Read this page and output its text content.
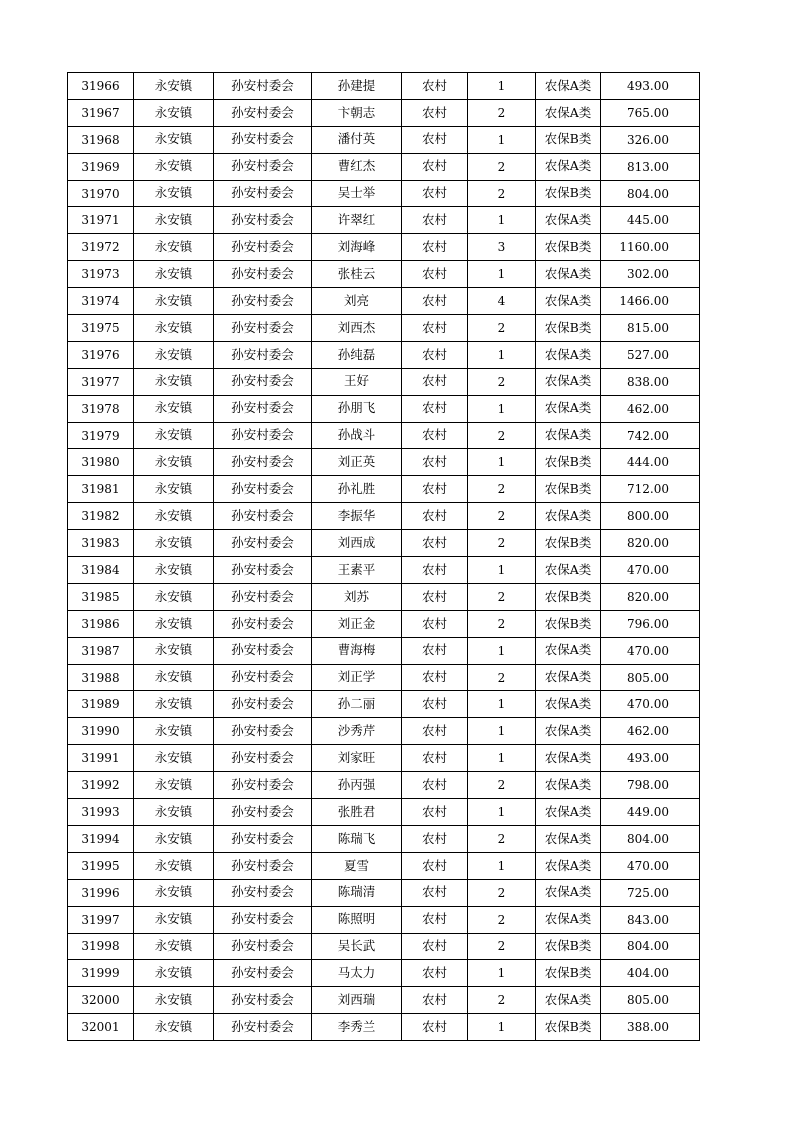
31966	永安镇	孙安村委会	孙建提	农村	1	农保A类	493.00
31967	永安镇	孙安村委会	卞朝志	农村	2	农保A类	765.00
31968	永安镇	孙安村委会	潘付英	农村	1	农保B类	326.00
31969	永安镇	孙安村委会	曹红杰	农村	2	农保A类	813.00
31970	永安镇	孙安村委会	吴士举	农村	2	农保B类	804.00
31971	永安镇	孙安村委会	许翠红	农村	1	农保A类	445.00
31972	永安镇	孙安村委会	刘海峰	农村	3	农保B类	1160.00
31973	永安镇	孙安村委会	张桂云	农村	1	农保A类	302.00
31974	永安镇	孙安村委会	刘亮	农村	4	农保A类	1466.00
31975	永安镇	孙安村委会	刘西杰	农村	2	农保B类	815.00
31976	永安镇	孙安村委会	孙纯磊	农村	1	农保A类	527.00
31977	永安镇	孙安村委会	王好	农村	2	农保A类	838.00
31978	永安镇	孙安村委会	孙朋飞	农村	1	农保A类	462.00
31979	永安镇	孙安村委会	孙战斗	农村	2	农保A类	742.00
31980	永安镇	孙安村委会	刘正英	农村	1	农保B类	444.00
31981	永安镇	孙安村委会	孙礼胜	农村	2	农保B类	712.00
31982	永安镇	孙安村委会	李振华	农村	2	农保A类	800.00
31983	永安镇	孙安村委会	刘西成	农村	2	农保B类	820.00
31984	永安镇	孙安村委会	王素平	农村	1	农保A类	470.00
31985	永安镇	孙安村委会	刘苏	农村	2	农保B类	820.00
31986	永安镇	孙安村委会	刘正金	农村	2	农保B类	796.00
31987	永安镇	孙安村委会	曹海梅	农村	1	农保A类	470.00
31988	永安镇	孙安村委会	刘正学	农村	2	农保A类	805.00
31989	永安镇	孙安村委会	孙二丽	农村	1	农保A类	470.00
31990	永安镇	孙安村委会	沙秀芹	农村	1	农保A类	462.00
31991	永安镇	孙安村委会	刘家旺	农村	1	农保A类	493.00
31992	永安镇	孙安村委会	孙丙强	农村	2	农保A类	798.00
31993	永安镇	孙安村委会	张胜君	农村	1	农保A类	449.00
31994	永安镇	孙安村委会	陈瑞飞	农村	2	农保A类	804.00
31995	永安镇	孙安村委会	夏雪	农村	1	农保A类	470.00
31996	永安镇	孙安村委会	陈瑞清	农村	2	农保A类	725.00
31997	永安镇	孙安村委会	陈照明	农村	2	农保A类	843.00
31998	永安镇	孙安村委会	吴长武	农村	2	农保B类	804.00
31999	永安镇	孙安村委会	马太力	农村	1	农保B类	404.00
32000	永安镇	孙安村委会	刘西瑞	农村	2	农保A类	805.00
32001	永安镇	孙安村委会	李秀兰	农村	1	农保B类	388.00
